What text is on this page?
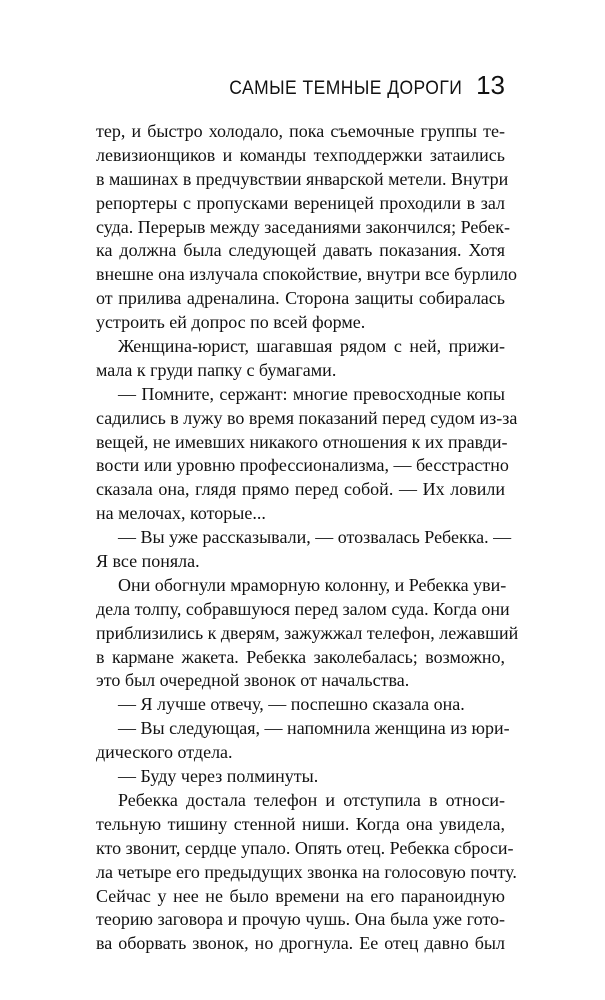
САМЫЕ ТЕМНЫЕ ДОРОГИ 13
тер, и быстро холодало, пока съемочные группы те-
левизионщиков и команды техподдержки затаились
в машинах в предчувствии январской метели. Внутри
репортеры с пропусками вереницей проходили в зал
суда. Перерыв между заседаниями закончился; Ребек-
ка должна была следующей давать показания. Хотя
внешне она излучала спокойствие, внутри все бурлило
от прилива адреналина. Сторона защиты собиралась
устроить ей допрос по всей форме.
Женщина-юрист, шагавшая рядом с ней, прижи-
мала к груди папку с бумагами.
— Помните, сержант: многие превосходные копы
садились в лужу во время показаний перед судом из-за
вещей, не имевших никакого отношения к их правди-
вости или уровню профессионализма, — бесстрастно
сказала она, глядя прямо перед собой. — Их ловили
на мелочах, которые...
— Вы уже рассказывали, — отозвалась Ребекка. —
Я все поняла.
Они обогнули мраморную колонну, и Ребекка уви-
дела толпу, собравшуюся перед залом суда. Когда они
приблизились к дверям, зажужжал телефон, лежавший
в кармане жакета. Ребекка заколебалась; возможно,
это был очередной звонок от начальства.
— Я лучше отвечу, — поспешно сказала она.
— Вы следующая, — напомнила женщина из юри-
дического отдела.
— Буду через полминуты.
Ребекка достала телефон и отступила в относи-
тельную тишину стенной ниши. Когда она увидела,
кто звонит, сердце упало. Опять отец. Ребекка сброси-
ла четыре его предыдущих звонка на голосовую почту.
Сейчас у нее не было времени на его параноидную
теорию заговора и прочую чушь. Она была уже гото-
ва оборвать звонок, но дрогнула. Ее отец давно был
